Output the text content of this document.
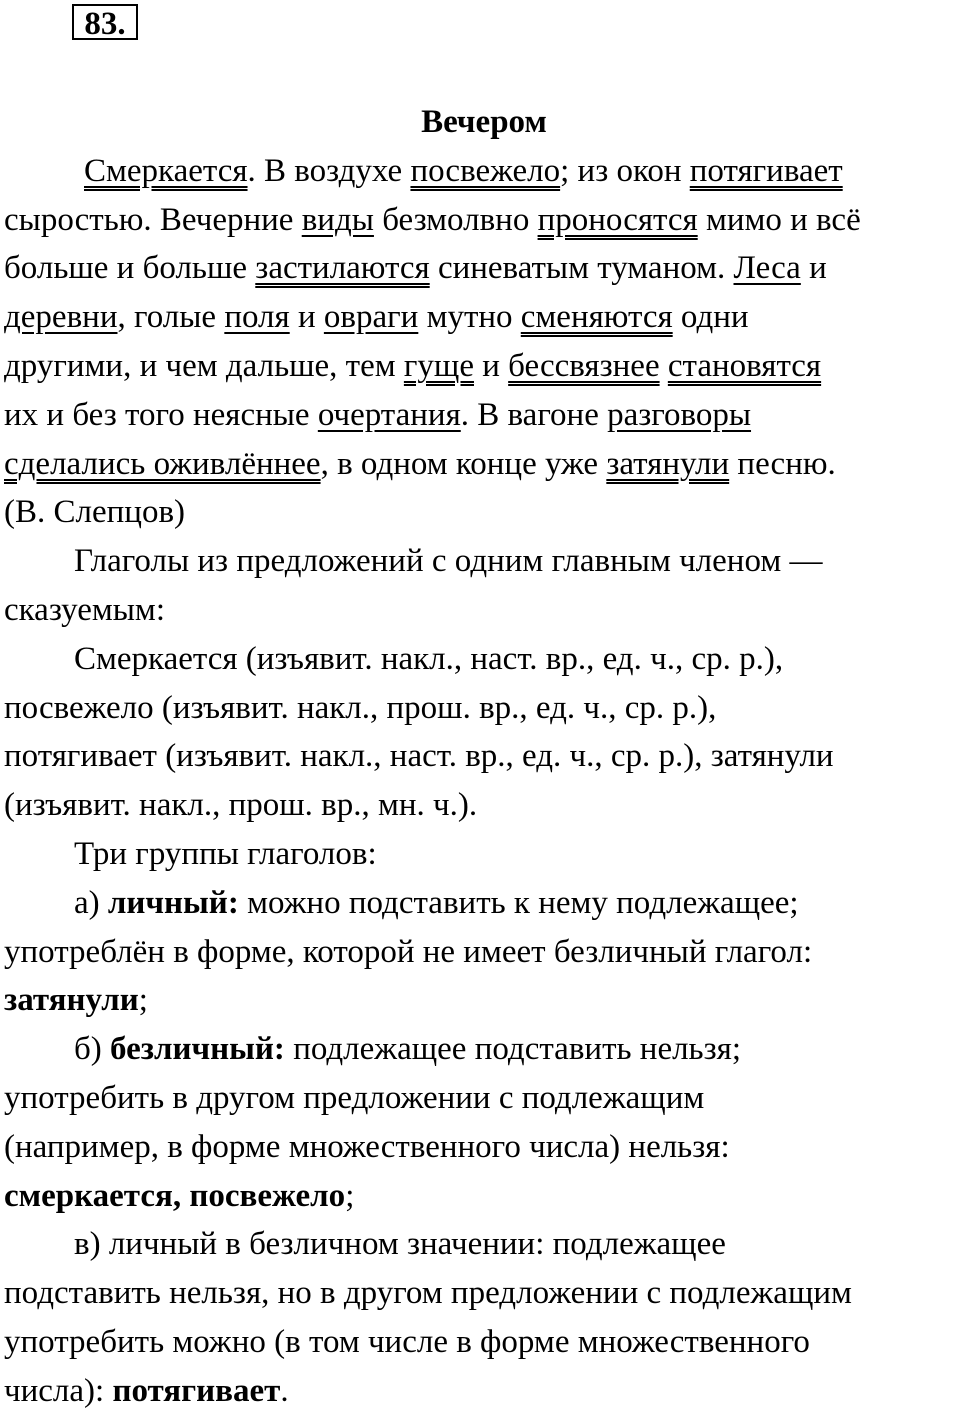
83.
Вечером
Смеркается. В воздухе посвежело; из окон потягивает
сыростью. Вечерние виды безмолвно проносятся мимо и всё
больше и больше застилаются синеватым туманом. Леса и
деревни, голые поля и овраги мутно сменяются одни
другими, и чем дальше, тем гуще и бессвязнее становятся
их и без того неясные очертания. В вагоне разговоры
сделались оживлённее, в одном конце уже затянули песню.
(В. Слепцов)
Глаголы из предложений с одним главным членом —
сказуемым:
Смеркается (изъявит. накл., наст. вр., ед. ч., ср. р.),
посвежело (изъявит. накл., прош. вр., ед. ч., ср. р.),
потягивает (изъявит. накл., наст. вр., ед. ч., ср. р.), затянули
(изъявит. накл., прош. вр., мн. ч.).
Три группы глаголов:
а) личный: можно подставить к нему подлежащее;
употреблён в форме, которой не имеет безличный глагол:
затянули;
б) безличный: подлежащее подставить нельзя;
употребить в другом предложении с подлежащим
(например, в форме множественного числа) нельзя:
смеркается, посвежело;
в) личный в безличном значении: подлежащее
подставить нельзя, но в другом предложении с подлежащим
употребить можно (в том числе в форме множественного
числа): потягивает.
